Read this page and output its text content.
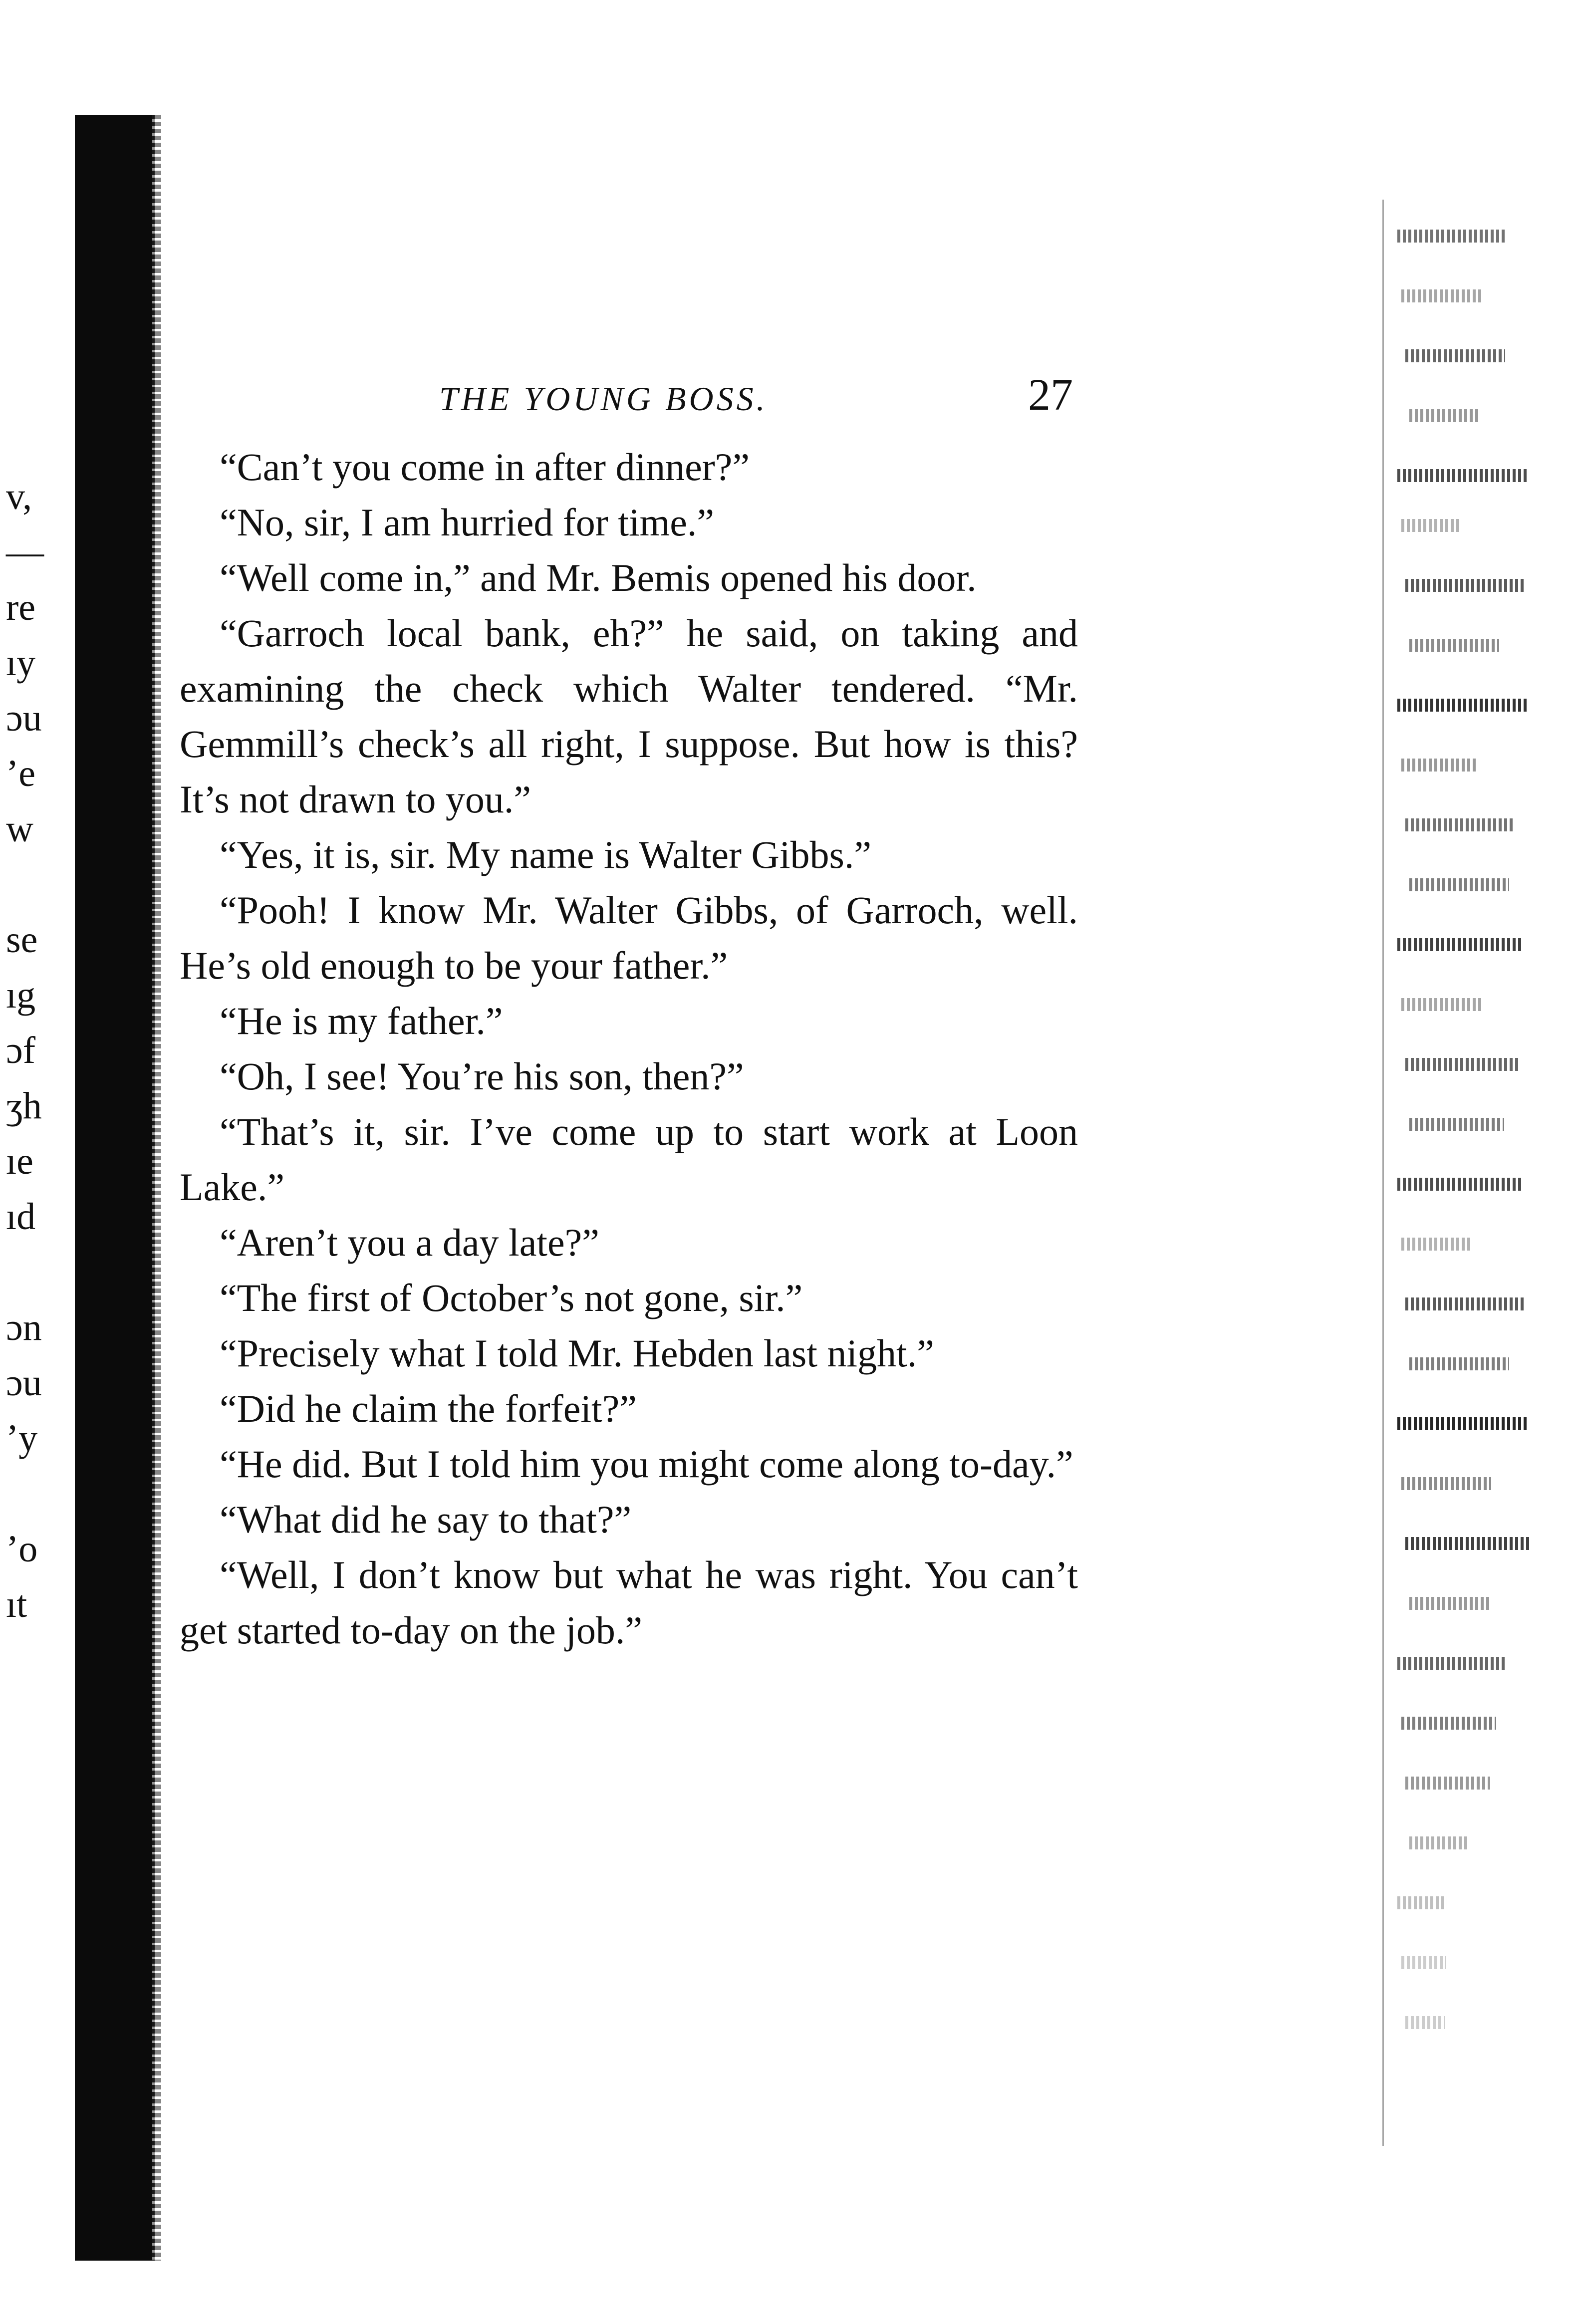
v,
—
re
ıy
ɔu
ʼe
w
se
ıg
ɔf
ʒh
ıe
ıd
ɔn
ɔu
ʼy
ʼo
ıt
THE YOUNG BOSS.	27

“Can’t you come in after dinner?”

“No, sir, I am hurried for time.”

“Well come in,” and Mr. Bemis opened his door.

“Garroch local bank, eh?” he said, on taking and examining the check which Walter tendered. “Mr. Gemmill’s check’s all right, I suppose. But how is this? It’s not drawn to you.”

“Yes, it is, sir. My name is Walter Gibbs.”

“Pooh! I know Mr. Walter Gibbs, of Garroch, well. He’s old enough to be your father.”

“He is my father.”

“Oh, I see! You’re his son, then?”

“That’s it, sir. I’ve come up to start work at Loon Lake.”

“Aren’t you a day late?”

“The first of October’s not gone, sir.”

“Precisely what I told Mr. Hebden last night.”

“Did he claim the forfeit?”

“He did. But I told him you might come along to-day.”

“What did he say to that?”

“Well, I don’t know but what he was right. You can’t get started to-day on the job.”
